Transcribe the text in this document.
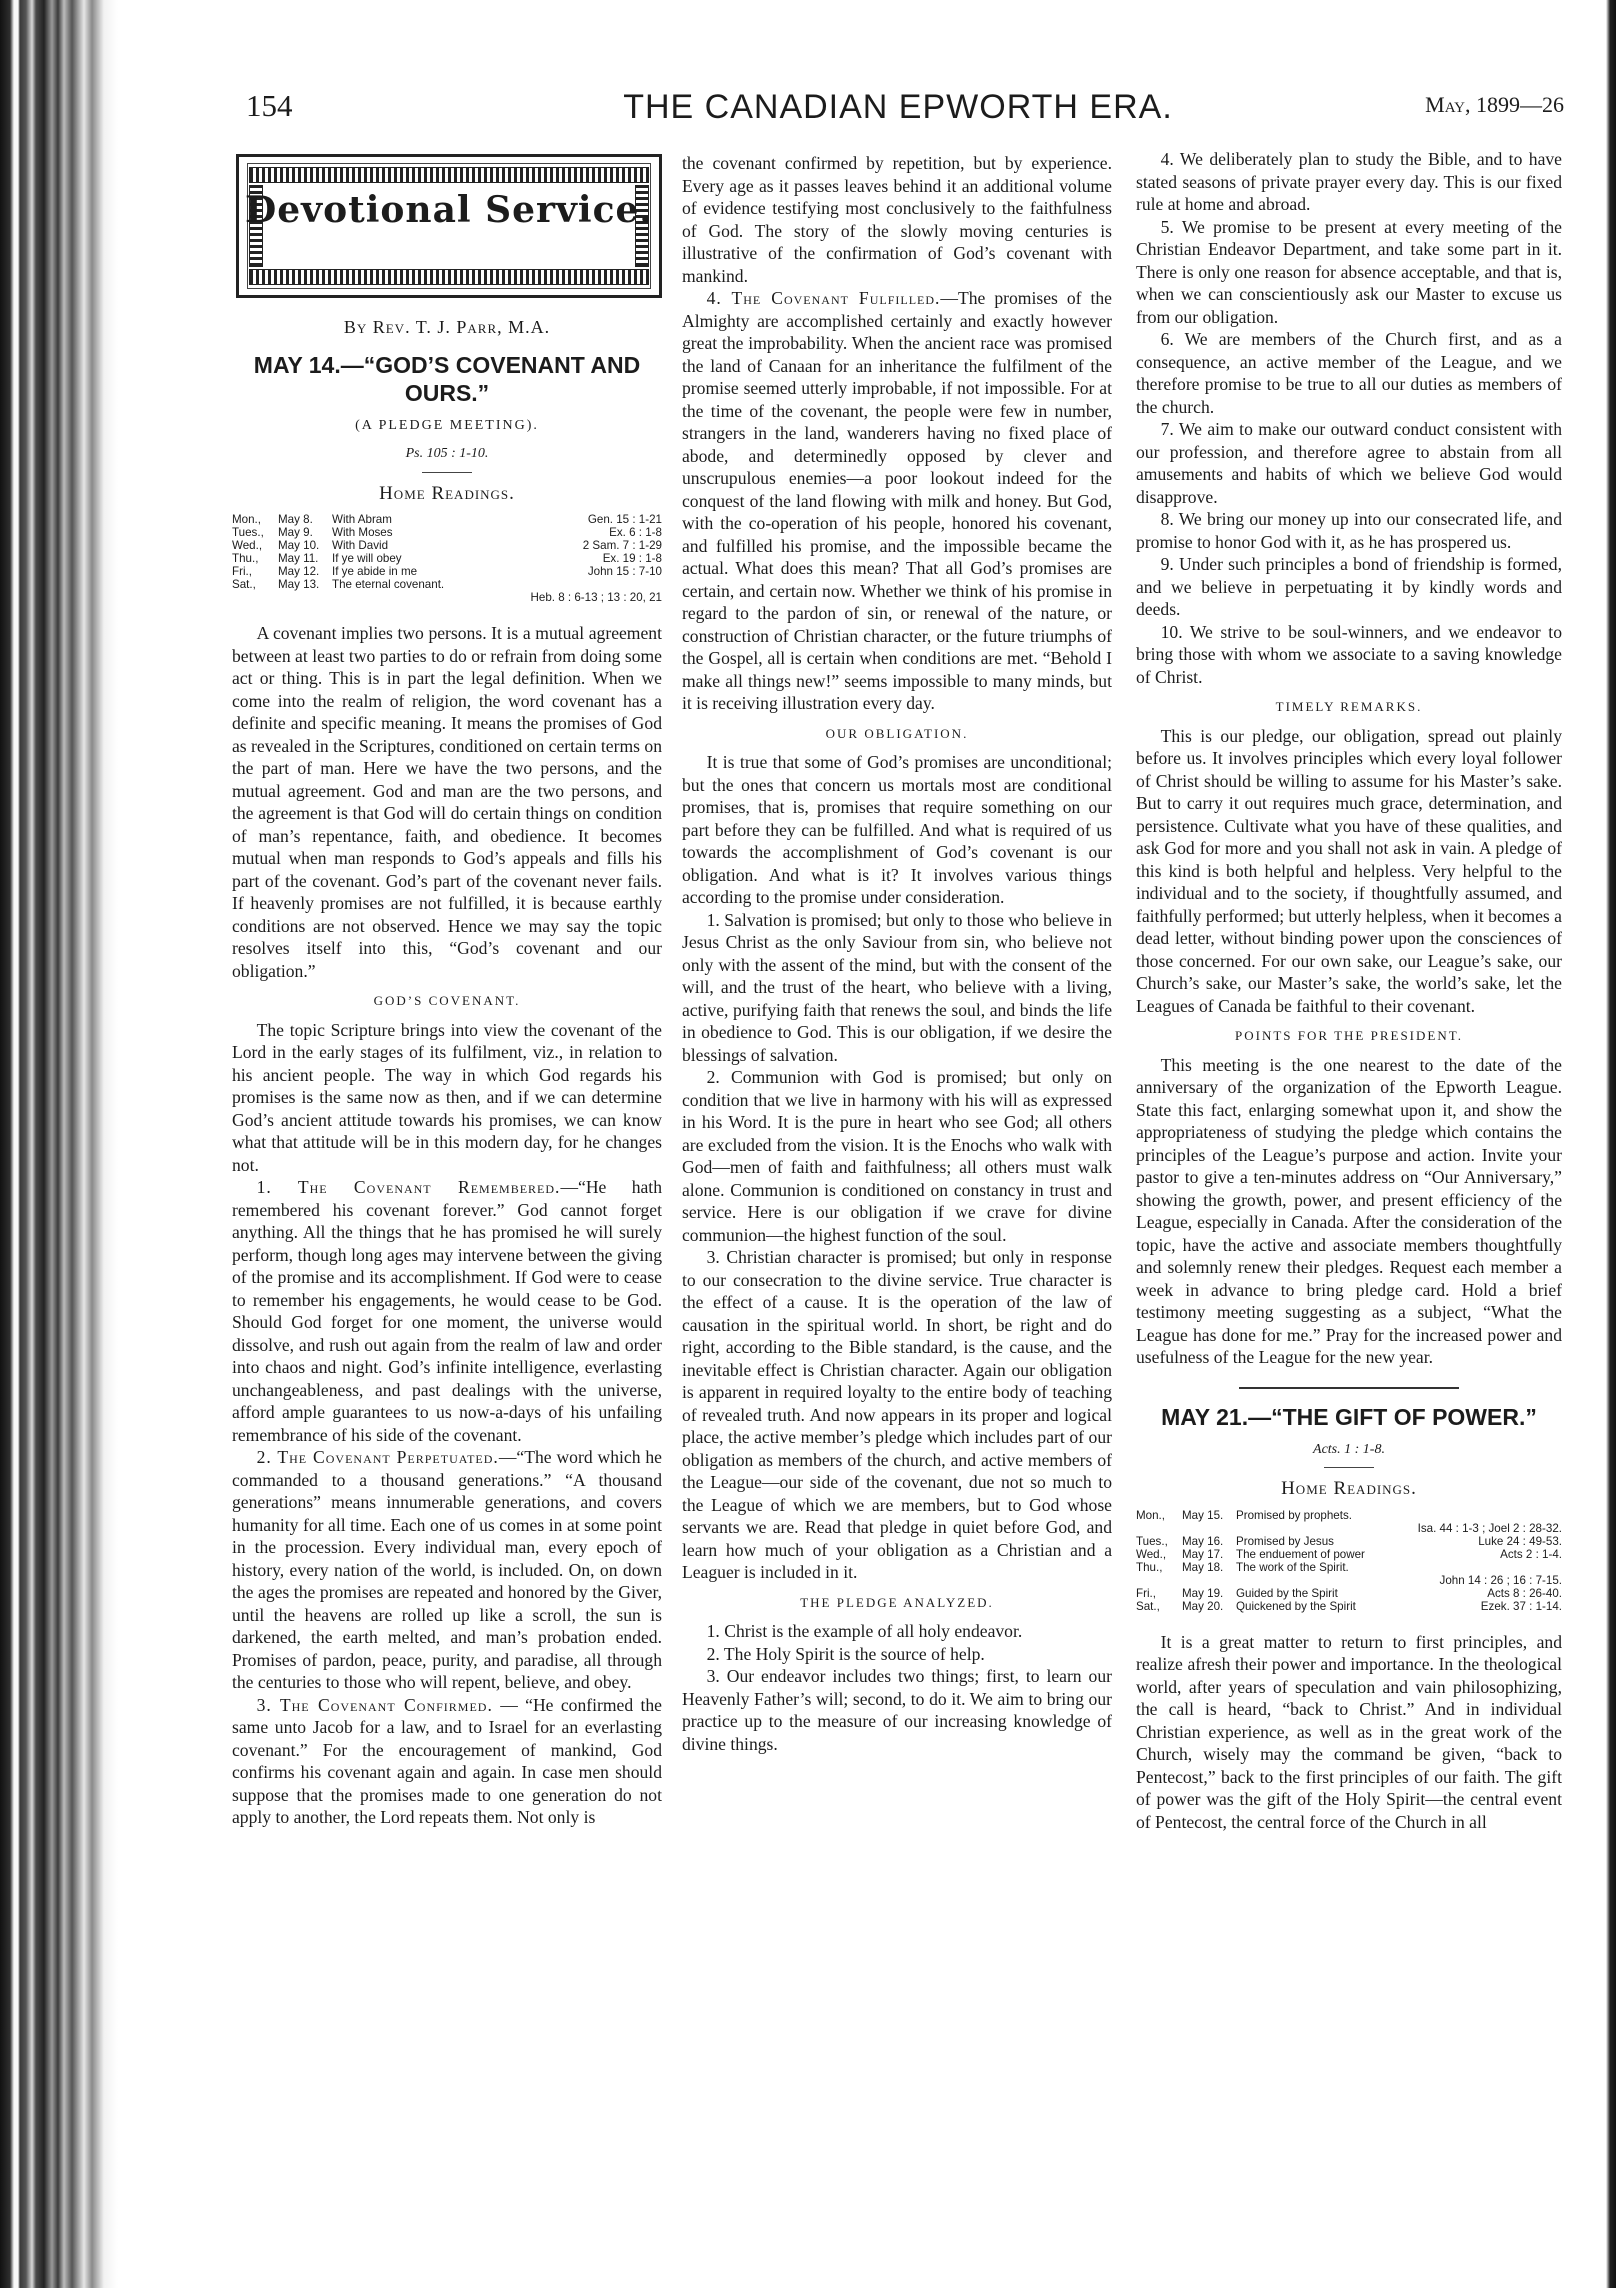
154	THE CANADIAN EPWORTH ERA.	May, 1899—26
Devotional Service.
By Rev. T. J. Parr, M.A.
MAY 14.—“GOD’S COVENANT AND OURS.”
(A PLEDGE MEETING).
Ps. 105 : 1-10.
Home Readings.
Mon.,	May 8.	With Abram	Gen. 15 : 1-21
Tues.,	May 9.	With Moses	Ex. 6 : 1-8
Wed.,	May 10.	With David	2 Sam. 7 : 1-29
Thu.,	May 11.	If ye will obey	Ex. 19 : 1-8
Fri.,	May 12.	If ye abide in me	John 15 : 7-10
Sat.,	May 13.	The eternal covenant.	
		Heb. 8 : 6-13 ; 13 : 20, 21	

A covenant implies two persons. It is a mutual agreement between at least two parties to do or refrain from doing some act or thing. This is in part the legal definition. When we come into the realm of religion, the word covenant has a definite and specific meaning. It means the promises of God as revealed in the Scriptures, conditioned on certain terms on the part of man. Here we have the two persons, and the mutual agreement. God and man are the two persons, and the agreement is that God will do certain things on condition of man’s repentance, faith, and obedience. It becomes mutual when man responds to God’s appeals and fills his part of the covenant. God’s part of the covenant never fails. If heavenly promises are not fulfilled, it is because earthly conditions are not observed. Hence we may say the topic resolves itself into this, “God’s covenant and our obligation.”

GOD’S COVENANT.

The topic Scripture brings into view the covenant of the Lord in the early stages of its fulfilment, viz., in relation to his ancient people. The way in which God regards his promises is the same now as then, and if we can determine God’s ancient attitude towards his promises, we can know what that attitude will be in this modern day, for he changes not.

1. The Covenant Remembered.—“He hath remembered his covenant forever.” God cannot forget anything. All the things that he has promised he will surely perform, though long ages may intervene between the giving of the promise and its accomplishment. If God were to cease to remember his engagements, he would cease to be God. Should God forget for one moment, the universe would dissolve, and rush out again from the realm of law and order into chaos and night. God’s infinite intelligence, everlasting unchangeableness, and past dealings with the universe, afford ample guarantees to us now-a-days of his unfailing remembrance of his side of the covenant.

2. The Covenant Perpetuated.—“The word which he commanded to a thousand generations.” “A thousand generations” means innumerable generations, and covers humanity for all time. Each one of us comes in at some point in the procession. Every individual man, every epoch of history, every nation of the world, is included. On, on down the ages the promises are repeated and honored by the Giver, until the heavens are rolled up like a scroll, the sun is darkened, the earth melted, and man’s probation ended. Promises of pardon, peace, purity, and paradise, all through the centuries to those who will repent, believe, and obey.

3. The Covenant Confirmed. — “He confirmed the same unto Jacob for a law, and to Israel for an everlasting covenant.” For the encouragement of mankind, God confirms his covenant again and again. In case men should suppose that the promises made to one generation do not apply to another, the Lord repeats them. Not only is

the covenant confirmed by repetition, but by experience. Every age as it passes leaves behind it an additional volume of evidence testifying most conclusively to the faithfulness of God. The story of the slowly moving centuries is illustrative of the confirmation of God’s covenant with mankind.

4. The Covenant Fulfilled.—The promises of the Almighty are accomplished certainly and exactly however great the improbability. When the ancient race was promised the land of Canaan for an inheritance the fulfilment of the promise seemed utterly improbable, if not impossible. For at the time of the covenant, the people were few in number, strangers in the land, wanderers having no fixed place of abode, and determinedly opposed by clever and unscrupulous enemies—a poor lookout indeed for the conquest of the land flowing with milk and honey. But God, with the co-operation of his people, honored his covenant, and fulfilled his promise, and the impossible became the actual. What does this mean? That all God’s promises are certain, and certain now. Whether we think of his promise in regard to the pardon of sin, or renewal of the nature, or construction of Christian character, or the future triumphs of the Gospel, all is certain when conditions are met. “Behold I make all things new!” seems impossible to many minds, but it is receiving illustration every day.

OUR OBLIGATION.

It is true that some of God’s promises are unconditional; but the ones that concern us mortals most are conditional promises, that is, promises that require something on our part before they can be fulfilled. And what is required of us towards the accomplishment of God’s covenant is our obligation. And what is it? It involves various things according to the promise under consideration.

1. Salvation is promised; but only to those who believe in Jesus Christ as the only Saviour from sin, who believe not only with the assent of the mind, but with the consent of the will, and the trust of the heart, who believe with a living, active, purifying faith that renews the soul, and binds the life in obedience to God. This is our obligation, if we desire the blessings of salvation.

2. Communion with God is promised; but only on condition that we live in harmony with his will as expressed in his Word. It is the pure in heart who see God; all others are excluded from the vision. It is the Enochs who walk with God—men of faith and faithfulness; all others must walk alone. Communion is conditioned on constancy in trust and service. Here is our obligation if we crave for divine communion—the highest function of the soul.

3. Christian character is promised; but only in response to our consecration to the divine service. True character is the effect of a cause. It is the operation of the law of causation in the spiritual world. In short, be right and do right, according to the Bible standard, is the cause, and the inevitable effect is Christian character. Again our obligation is apparent in required loyalty to the entire body of teaching of revealed truth. And now appears in its proper and logical place, the active member’s pledge which includes part of our obligation as members of the church, and active members of the League—our side of the covenant, due not so much to the League of which we are members, but to God whose servants we are. Read that pledge in quiet before God, and learn how much of your obligation as a Christian and a Leaguer is included in it.

THE PLEDGE ANALYZED.

1. Christ is the example of all holy endeavor.

2. The Holy Spirit is the source of help.

3. Our endeavor includes two things; first, to learn our Heavenly Father’s will; second, to do it. We aim to bring our practice up to the measure of our increasing knowledge of divine things.

4. We deliberately plan to study the Bible, and to have stated seasons of private prayer every day. This is our fixed rule at home and abroad.

5. We promise to be present at every meeting of the Christian Endeavor Department, and take some part in it. There is only one reason for absence acceptable, and that is, when we can conscientiously ask our Master to excuse us from our obligation.

6. We are members of the Church first, and as a consequence, an active member of the League, and we therefore promise to be true to all our duties as members of the church.

7. We aim to make our outward conduct consistent with our profession, and therefore agree to abstain from all amusements and habits of which we believe God would disapprove.

8. We bring our money up into our consecrated life, and promise to honor God with it, as he has prospered us.

9. Under such principles a bond of friendship is formed, and we believe in perpetuating it by kindly words and deeds.

10. We strive to be soul-winners, and we endeavor to bring those with whom we associate to a saving knowledge of Christ.

TIMELY REMARKS.

This is our pledge, our obligation, spread out plainly before us. It involves principles which every loyal follower of Christ should be willing to assume for his Master’s sake. But to carry it out requires much grace, determination, and persistence. Cultivate what you have of these qualities, and ask God for more and you shall not ask in vain. A pledge of this kind is both helpful and helpless. Very helpful to the individual and to the society, if thoughtfully assumed, and faithfully performed; but utterly helpless, when it becomes a dead letter, without binding power upon the consciences of those concerned. For our own sake, our League’s sake, our Church’s sake, our Master’s sake, the world’s sake, let the Leagues of Canada be faithful to their covenant.

POINTS FOR THE PRESIDENT.

This meeting is the one nearest to the date of the anniversary of the organization of the Epworth League. State this fact, enlarging somewhat upon it, and show the appropriateness of studying the pledge which contains the principles of the League’s purpose and action. Invite your pastor to give a ten-minutes address on “Our Anniversary,” showing the growth, power, and present efficiency of the League, especially in Canada. After the consideration of the topic, have the active and associate members thoughtfully and solemnly renew their pledges. Request each member a week in advance to bring pledge card. Hold a brief testimony meeting suggesting as a subject, “What the League has done for me.” Pray for the increased power and usefulness of the League for the new year.

MAY 21.—“THE GIFT OF POWER.”
Acts. 1 : 1-8.
Home Readings.
Mon.,	May 15.	Promised by prophets.	
			Isa. 44 : 1-3 ; Joel 2 : 28-32.
Tues.,	May 16.	Promised by Jesus	Luke 24 : 49-53.
Wed.,	May 17.	The enduement of power	Acts 2 : 1-4.
Thu.,	May 18.	The work of the Spirit.	
			John 14 : 26 ; 16 : 7-15.
Fri.,	May 19.	Guided by the Spirit	Acts 8 : 26-40.
Sat.,	May 20.	Quickened by the Spirit	Ezek. 37 : 1-14.

It is a great matter to return to first principles, and realize afresh their power and importance. In the theological world, after years of speculation and vain philosophizing, the call is heard, “back to Christ.” And in individual Christian experience, as well as in the great work of the Church, wisely may the command be given, “back to Pentecost,” back to the first principles of our faith. The gift of power was the gift of the Holy Spirit—the central event of Pentecost, the central force of the Church in all
